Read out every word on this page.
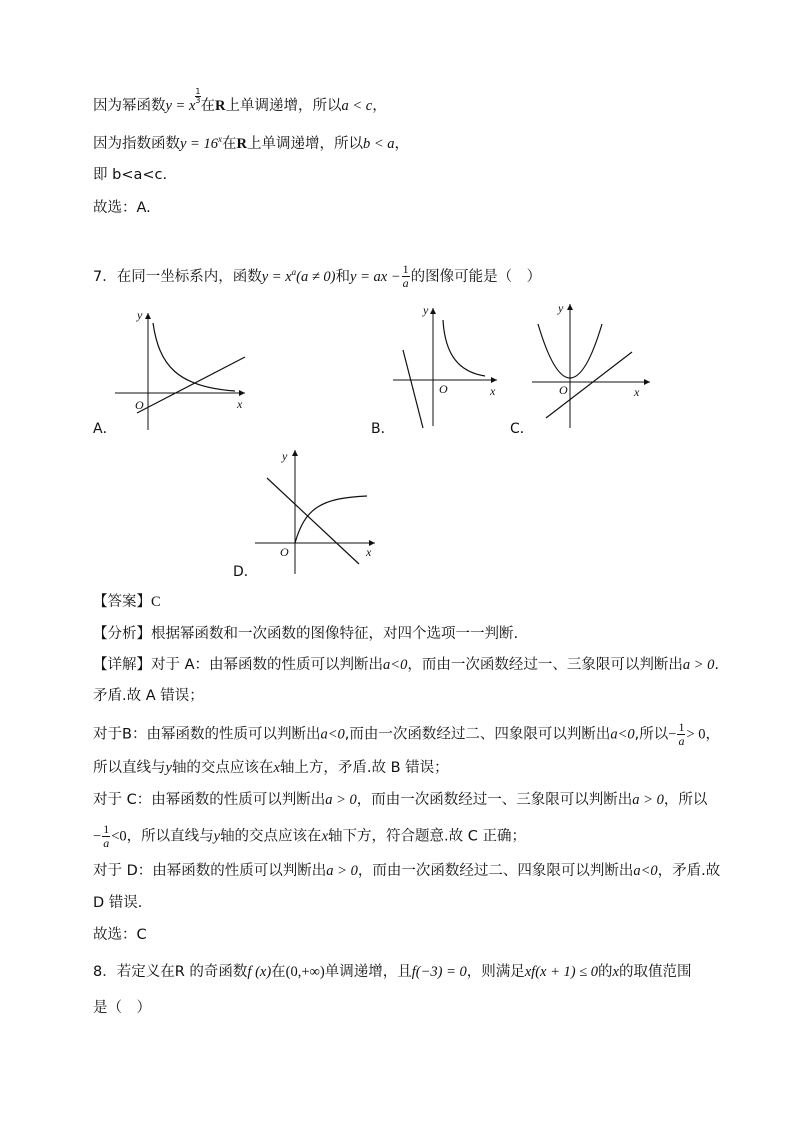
因为幂函数y = x
$\frac{1}{3}$
在R上单调递增，所以a < c，
因为指数函数$y = 16^x$在R上单调递增，所以b < a，
即 b<a<c.
故选：A.
7．在同一坐标系内，函数$y = x^a(a \ne 0)$和y = ax − $\frac{1}{a}$ 的图像可能是（　）
O	x
y
A．
O	x
y
B．
O	x
y
C．
O	x
y
D．
【答案】C
【分析】根据幂函数和一次函数的图像特征，对四个选项一一判断.
【详解】对于 A：由幂函数的性质可以判断出a<0，而由一次函数经过一、三象限可以判断出a > 0.
矛盾.故 A 错误；
对于B：由幂函数的性质可以判断出a<0,而由一次函数经过二、四象限可以判断出a<0,所以− $\frac{1}{a} > 0$，
所以直线与y轴的交点应该在x轴上方，矛盾.故 B 错误；
对于 C：由幂函数的性质可以判断出a > 0，而由一次函数经过一、三象限可以判断出a > 0，所以
− $\frac{1}{a} <0$，所以直线与y轴的交点应该在x轴下方，符合题意.故 C 正确；
对于 D：由幂函数的性质可以判断出a > 0，而由一次函数经过二、四象限可以判断出a<0，矛盾.故
D 错误.
故选：C
8．若定义在R 的奇函数f (x)在(0,+∞)单调递增，且f(−3) = 0，则满足xf(x + 1) ≤ 0的x的取值范围
是（　）
